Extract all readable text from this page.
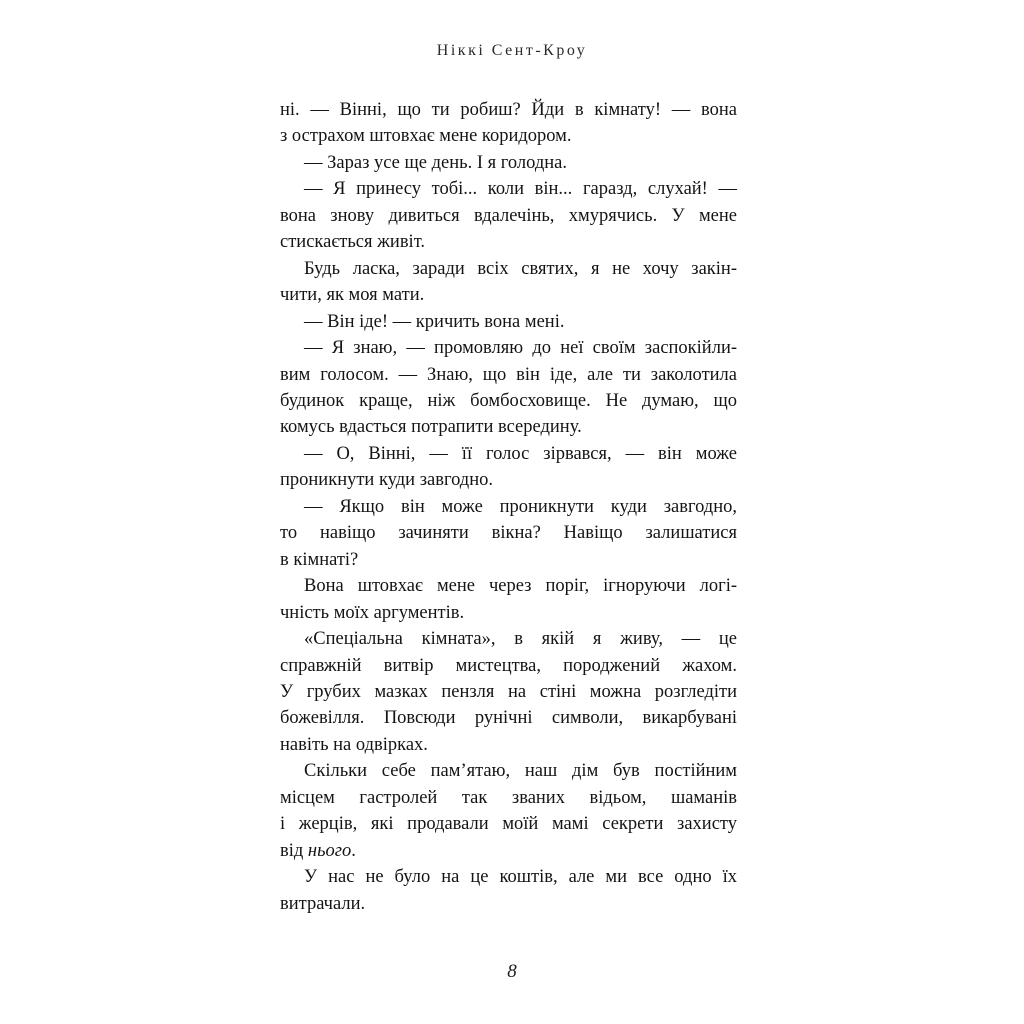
Ніккі Сент-Кроу
ні. — Вінні, що ти робиш? Йди в кімнату! — вона
з острахом штовхає мене коридором.
— Зараз усе ще день. І я голодна.
— Я принесу тобі... коли він... гаразд, слухай! —
вона знову дивиться вдалечінь, хмурячись. У мене
стискається живіт.
Будь ласка, заради всіх святих, я не хочу закін-
чити, як моя мати.
— Він іде! — кричить вона мені.
— Я знаю, — промовляю до неї своїм заспокійли-
вим голосом. — Знаю, що він іде, але ти заколотила
будинок краще, ніж бомбосховище. Не думаю, що
комусь вдасться потрапити всередину.
— О, Вінні, — її голос зірвався, — він може
проникнути куди завгодно.
— Якщо він може проникнути куди завгодно,
то навіщо зачиняти вікна? Навіщо залишатися
в кімнаті?
Вона штовхає мене через поріг, ігноруючи логі-
чність моїх аргументів.
«Спеціальна кімната», в якій я живу, — це
справжній витвір мистецтва, породжений жахом.
У грубих мазках пензля на стіні можна розгледіти
божевілля. Повсюди рунічні символи, викарбувані
навіть на одвірках.
Скільки себе пам’ятаю, наш дім був постійним
місцем гастролей так званих відьом, шаманів
і жерців, які продавали моїй мамі секрети захисту
від нього.
У нас не було на це коштів, але ми все одно їх
витрачали.
8
